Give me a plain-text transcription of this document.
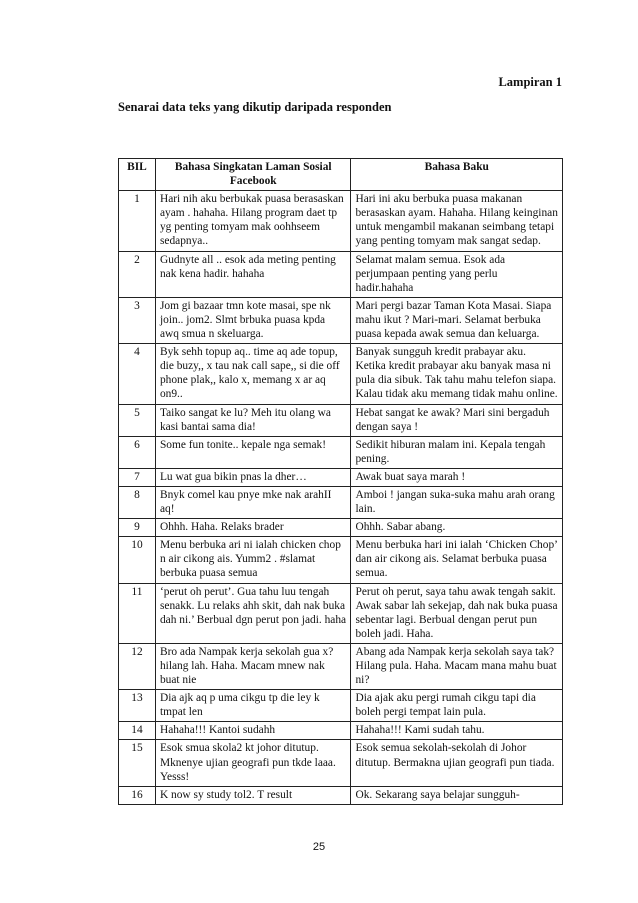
Lampiran 1
Senarai data teks yang dikutip daripada responden
BIL	Bahasa Singkatan Laman Sosial Facebook	Bahasa Baku
1	Hari nih aku berbukak puasa berasaskan ayam . hahaha. Hilang program daet tp yg penting tomyam mak oohhseem sedapnya..	Hari ini aku berbuka puasa makanan berasaskan ayam. Hahaha. Hilang keinginan untuk mengambil makanan seimbang tetapi yang penting tomyam mak sangat sedap.
2	Gudnyte all .. esok ada meting penting nak kena hadir. hahaha	Selamat malam semua. Esok ada perjumpaan penting yang perlu hadir.hahaha
3	Jom gi bazaar tmn kote masai, spe nk join.. jom2. Slmt brbuka puasa kpda awq smua n skeluarga.	Mari pergi bazar Taman Kota Masai. Siapa mahu ikut ? Mari-mari. Selamat berbuka puasa kepada awak semua dan keluarga.
4	Byk sehh topup aq.. time aq ade topup, die buzy,, x tau nak call sape,, si die off phone plak,, kalo x, memang x ar aq on9..	Banyak sungguh kredit prabayar aku. Ketika kredit prabayar aku banyak masa ni pula dia sibuk. Tak tahu mahu telefon siapa. Kalau tidak aku memang tidak mahu online.
5	Taiko sangat ke lu? Meh itu olang wa kasi bantai sama dia!	Hebat sangat ke awak? Mari sini bergaduh dengan saya !
6	Some fun tonite.. kepale nga semak!	Sedikit hiburan malam ini. Kepala tengah pening.
7	Lu wat gua bikin pnas la dher…	Awak buat saya marah !
8	Bnyk comel kau pnye mke nak arahII aq!	Amboi ! jangan suka-suka mahu arah orang lain.
9	Ohhh. Haha. Relaks brader	Ohhh. Sabar abang.
10	Menu berbuka ari ni ialah chicken chop n air cikong ais. Yumm2 . #slamat berbuka puasa semua	Menu berbuka hari ini ialah ‘Chicken Chop’ dan air cikong ais. Selamat berbuka puasa semua.
11	‘perut oh perut’. Gua tahu luu tengah senakk. Lu relaks ahh skit, dah nak buka dah ni.’ Berbual dgn perut pon jadi. haha	Perut oh perut, saya tahu awak tengah sakit. Awak sabar lah sekejap, dah nak buka puasa sebentar lagi. Berbual dengan perut pun boleh jadi. Haha.
12	Bro ada Nampak kerja sekolah gua x? hilang lah. Haha. Macam mnew nak buat nie	Abang ada Nampak kerja sekolah saya tak? Hilang pula. Haha. Macam mana mahu buat ni?
13	Dia ajk aq p uma cikgu tp die ley k tmpat len	Dia ajak aku pergi rumah cikgu tapi dia boleh pergi tempat lain pula.
14	Hahaha!!! Kantoi sudahh	Hahaha!!! Kami sudah tahu.
15	Esok smua skola2 kt johor ditutup. Mknenye ujian geografi pun tkde laaa. Yesss!	Esok semua sekolah-sekolah di Johor ditutup. Bermakna ujian geografi pun tiada.
16	K now sy study tol2. T result	Ok. Sekarang saya belajar sungguh-
25
